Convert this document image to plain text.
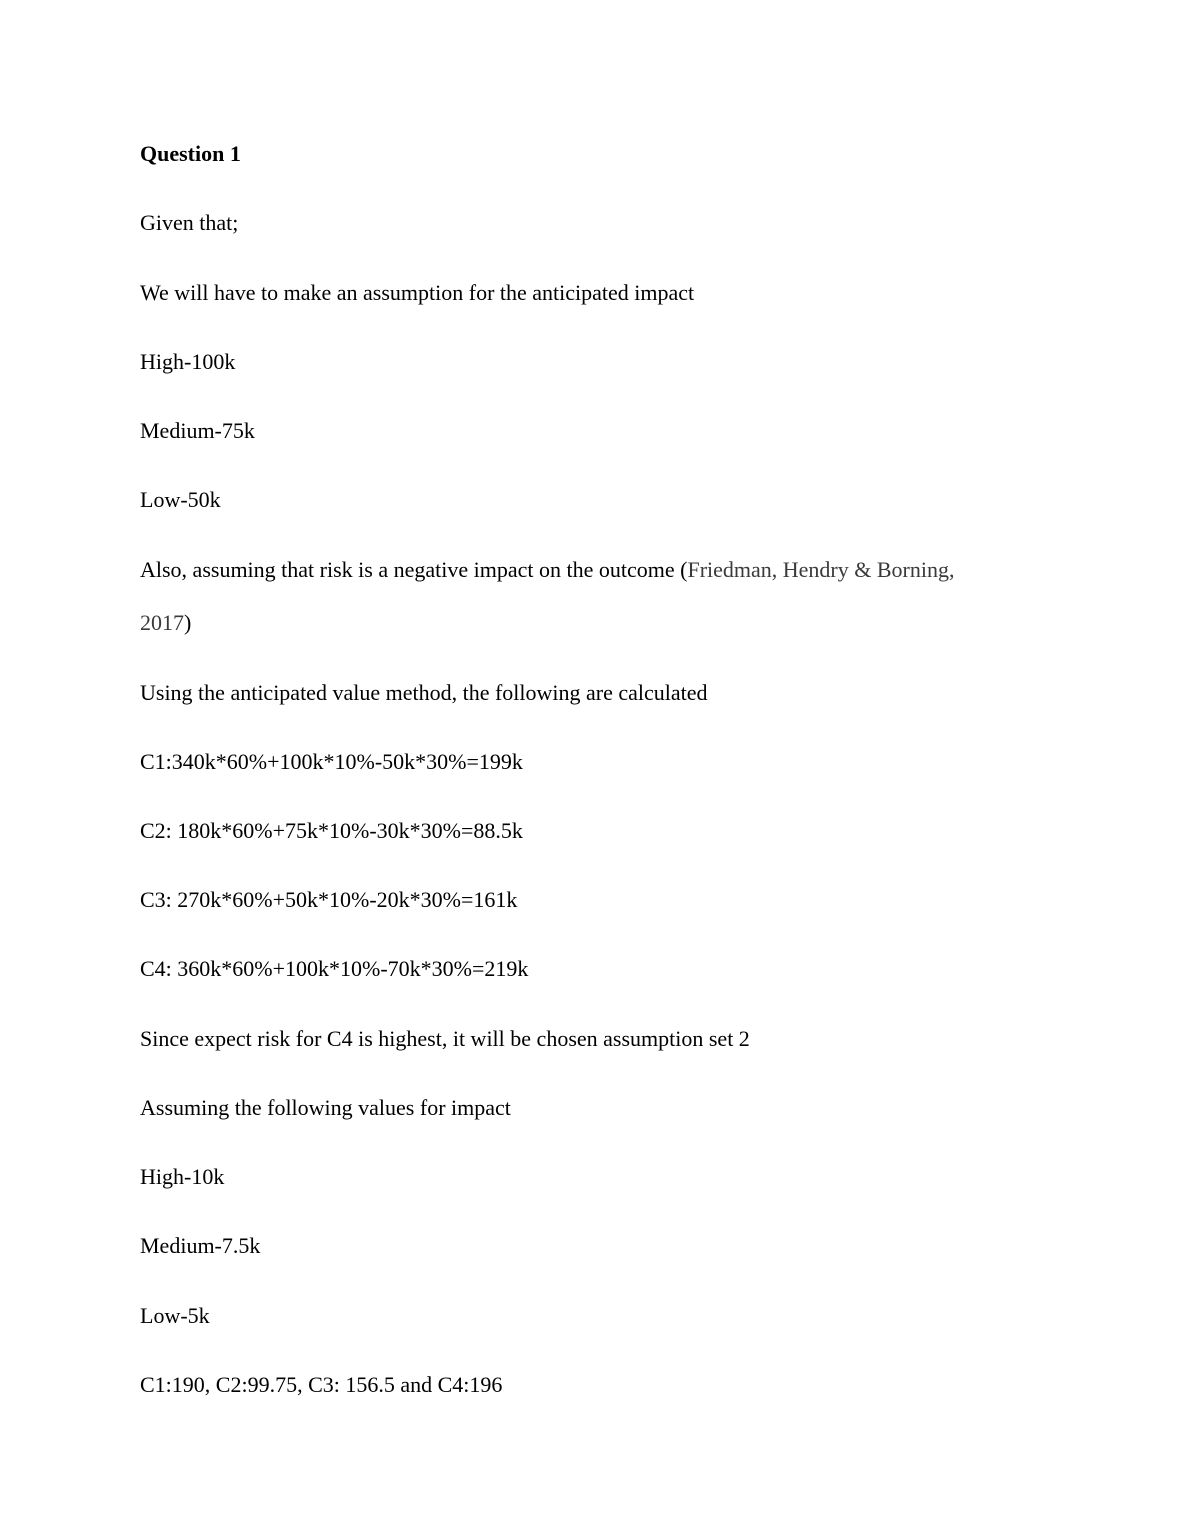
Question 1

Given that;

We will have to make an assumption for the anticipated impact

High-100k

Medium-75k

Low-50k

Also, assuming that risk is a negative impact on the outcome (Friedman, Hendry & Borning,

2017)

Using the anticipated value method, the following are calculated

C1:340k*60%+100k*10%-50k*30%=199k

C2: 180k*60%+75k*10%-30k*30%=88.5k

C3: 270k*60%+50k*10%-20k*30%=161k

C4: 360k*60%+100k*10%-70k*30%=219k

Since expect risk for C4 is highest, it will be chosen assumption set 2

Assuming the following values for impact

High-10k

Medium-7.5k

Low-5k

C1:190, C2:99.75, C3: 156.5 and C4:196
